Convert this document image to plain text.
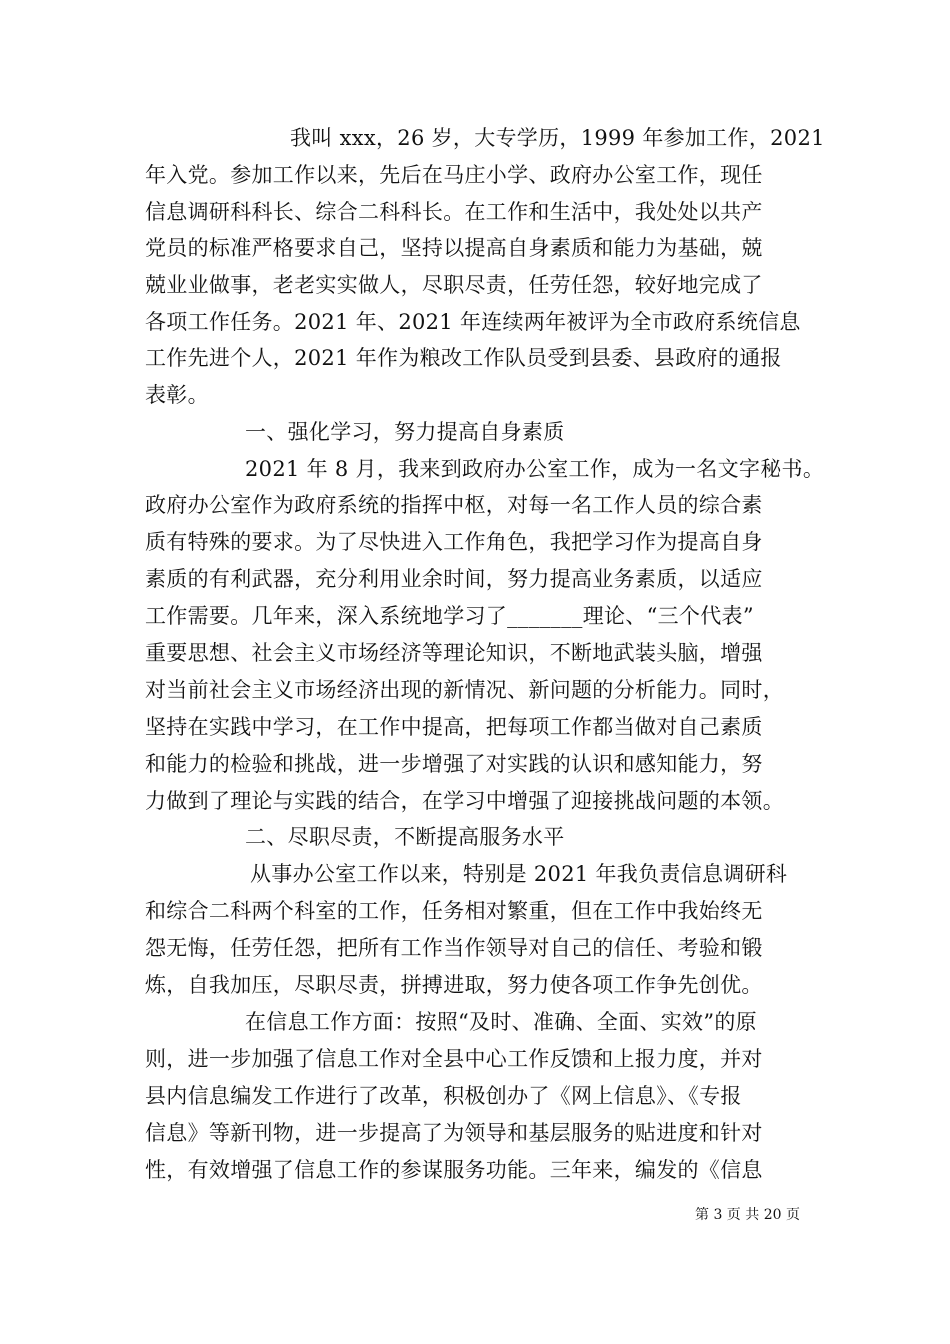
我叫 xxx，26 岁，大专学历，1999 年参加工作，2021
年入党。参加工作以来，先后在马庄小学、政府办公室工作，现任
信息调研科科长、综合二科科长。在工作和生活中，我处处以共产
党员的标准严格要求自己，坚持以提高自身素质和能力为基础，兢
兢业业做事，老老实实做人，尽职尽责，任劳任怨，较好地完成了
各项工作任务。2021 年、2021 年连续两年被评为全市政府系统信息
工作先进个人，2021 年作为粮改工作队员受到县委、县政府的通报
表彰。
一、强化学习，努力提高自身素质
2021 年 8 月，我来到政府办公室工作，成为一名文字秘书。
政府办公室作为政府系统的指挥中枢，对每一名工作人员的综合素
质有特殊的要求。为了尽快进入工作角色，我把学习作为提高自身
素质的有利武器，充分利用业余时间，努力提高业务素质，以适应
工作需要。几年来，深入系统地学习了_______理论、“三个代表”
重要思想、社会主义市场经济等理论知识，不断地武装头脑，增强
对当前社会主义市场经济出现的新情况、新问题的分析能力。同时，
坚持在实践中学习，在工作中提高，把每项工作都当做对自己素质
和能力的检验和挑战，进一步增强了对实践的认识和感知能力，努
力做到了理论与实践的结合，在学习中增强了迎接挑战问题的本领。
二、尽职尽责，不断提高服务水平
从事办公室工作以来，特别是 2021 年我负责信息调研科
和综合二科两个科室的工作，任务相对繁重，但在工作中我始终无
怨无悔，任劳任怨，把所有工作当作领导对自己的信任、考验和锻
炼，自我加压，尽职尽责，拼搏进取，努力使各项工作争先创优。
在信息工作方面：按照“及时、准确、全面、实效”的原
则，进一步加强了信息工作对全县中心工作反馈和上报力度，并对
县内信息编发工作进行了改革，积极创办了《网上信息》、《专报
信息》等新刊物，进一步提高了为领导和基层服务的贴进度和针对
性，有效增强了信息工作的参谋服务功能。三年来，编发的《信息
第 3 页 共 20 页
